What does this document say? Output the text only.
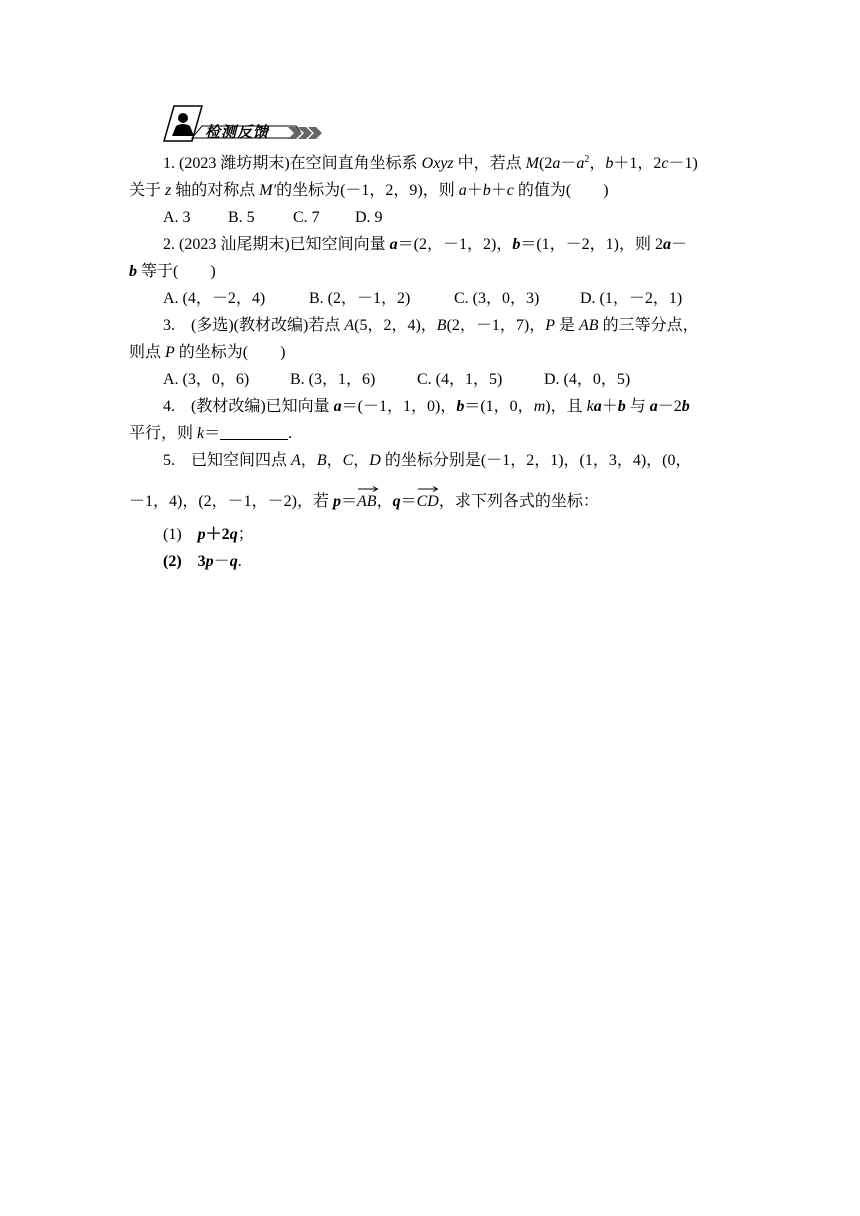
检测反馈
1. (2023 潍坊期末)在空间直角坐标系 Oxyz 中，若点 $M(2a-a^2$，b＋1，2c－1)
关于 z 轴的对称点 M′的坐标为(－1，2，9)，则 a＋b＋c 的值为(　　)
A. 3 B. 5 C. 7 D. 9
2. (2023 汕尾期末)已知空间向量 a＝(2，－1，2)，b＝(1，－2，1)，则 2a－
b 等于(　　)
A. (4，－2，4)	B. (2，－1，2)	C. (3，0，3)	D. (1，－2，1)
3.　(多选)(教材改编)若点 A(5，2，4)，B(2，－1，7)，P 是 AB 的三等分点，
则点 P 的坐标为(　　)
A. (3，0，6)	B. (3，1，6)	C. (4，1，5)	D. (4，0，5)
4.　(教材改编)已知向量 a＝(－1，1，0)，b＝(1，0，m)，且 ka＋b 与 a－2b
平行，则 k＝	.
5.　已知空间四点 A，B，C，D 的坐标分别是(－1，2，1)，(1，3，4)，(0，
－1，4)，(2，－1，－2)，若 p＝
AB，q＝
CD，求下列各式的坐标：
(1)　p＋2q；
(2)　3p－q.
